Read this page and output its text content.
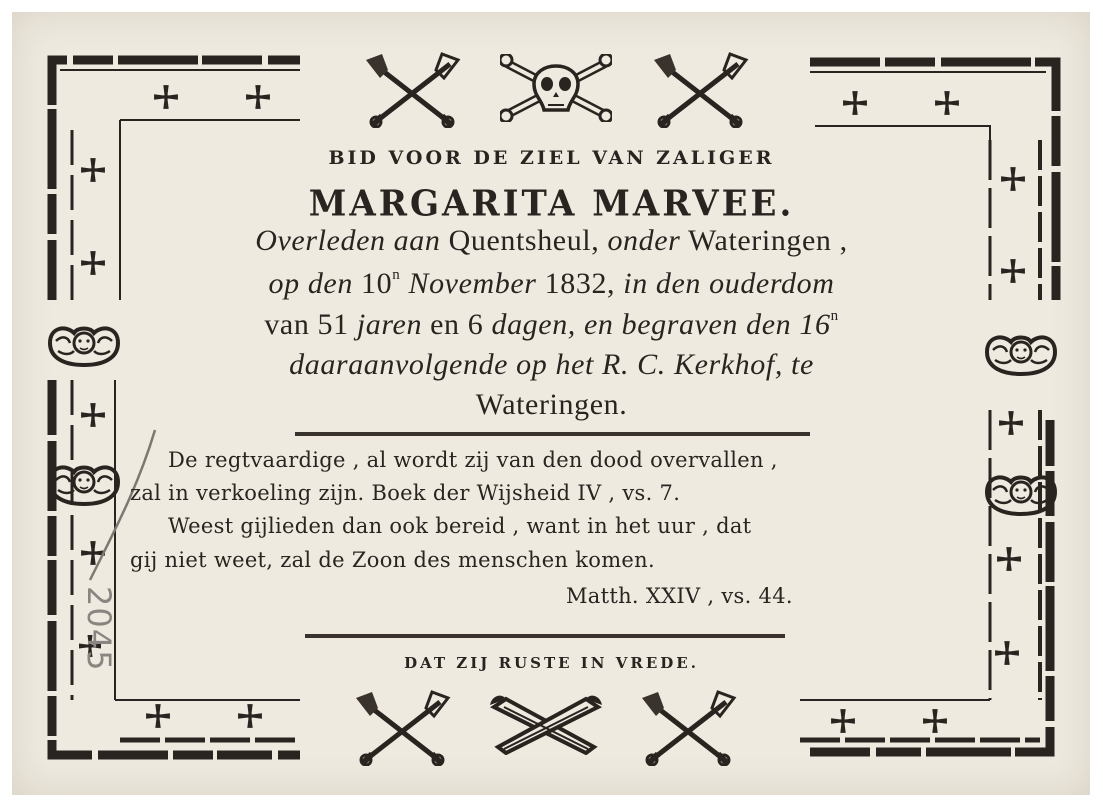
BID VOOR DE ZIEL VAN ZALIGER
MARGARITA MARVEE.
Overleden aan Quentsheul, onder Wateringen ,
op den 10$^n$ November 1832, in den ouderdom
van 51 jaren en 6 dagen, en begraven den 16$^n$
daaraanvolgende op het R. C. Kerkhof, te
Wateringen.
De regtvaardige , al wordt zij van den dood overvallen ,
zal in verkoeling zijn. Boek der Wijsheid IV , vs. 7.
Weest gijlieden dan ook bereid , want in het uur , dat
gij niet weet, zal de Zoon des menschen komen.
Matth. XXIV , vs. 44.
DAT ZIJ RUSTE IN VREDE.
2045
